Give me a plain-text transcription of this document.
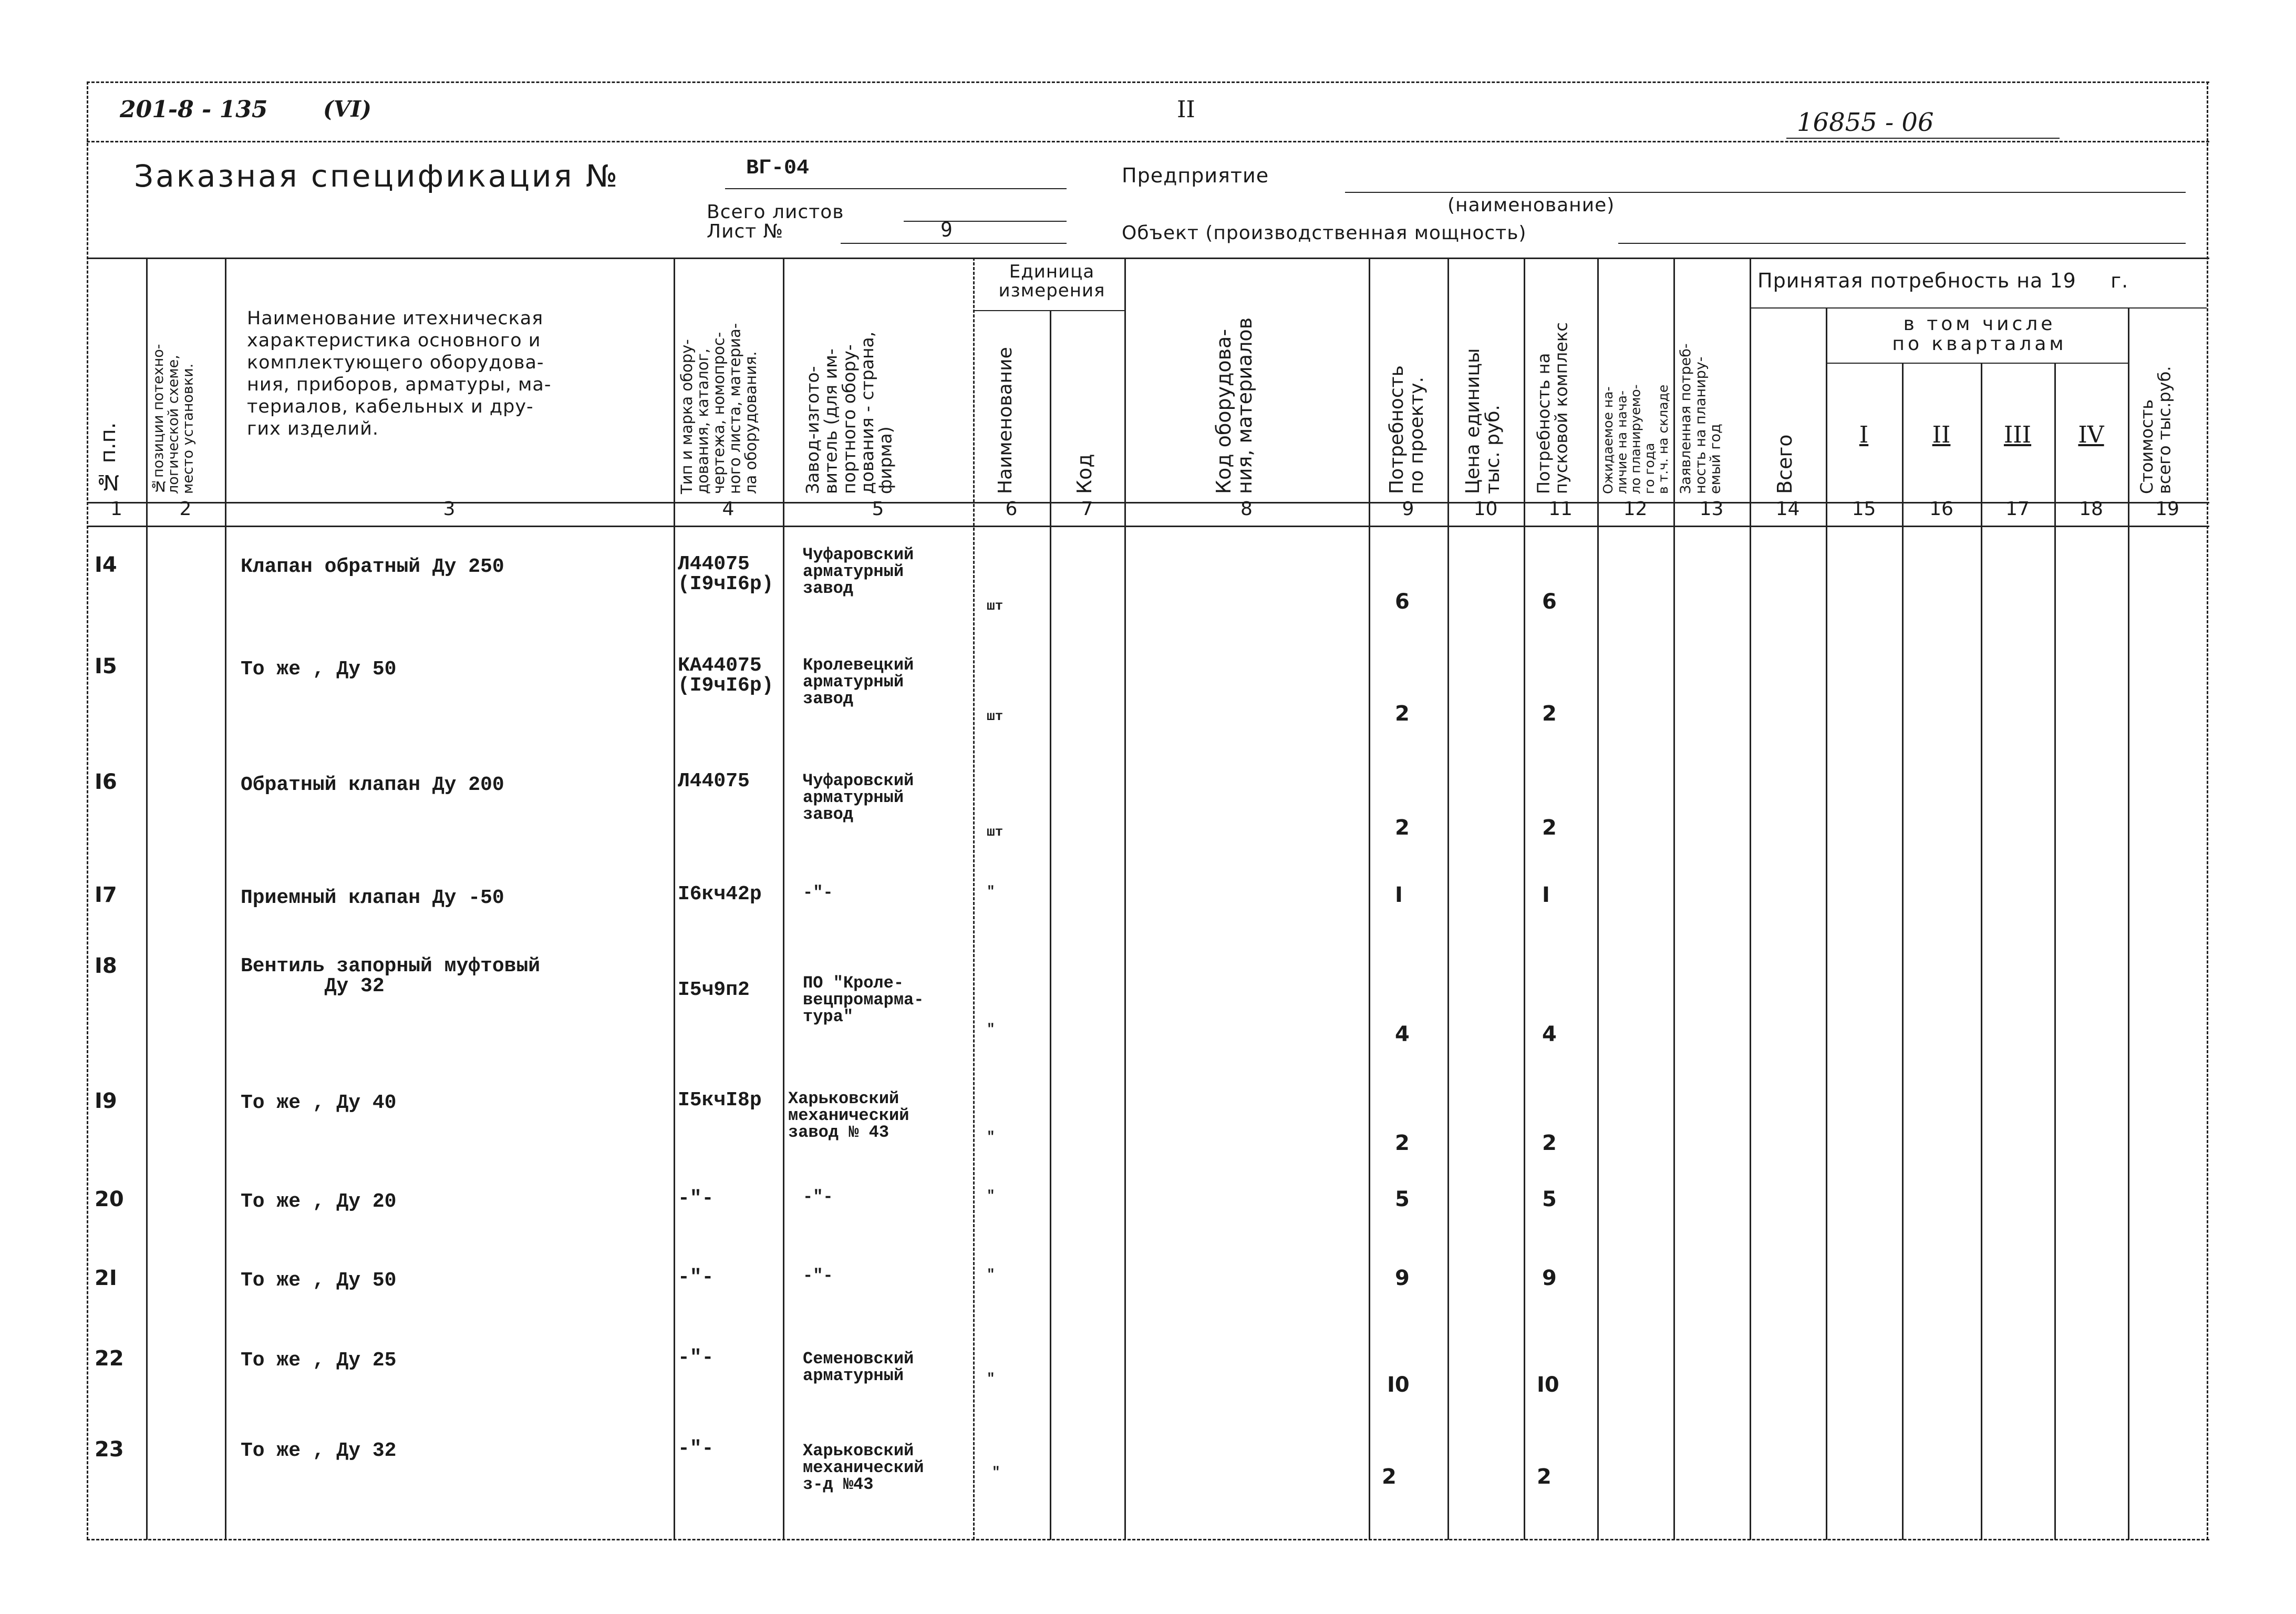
201-8 - 135	(VI)	II	16855 - 06
Заказная спецификация №	ВГ-04
Всего листов
Лист №	9
Предприятие
(наименование)
Объект (производственная мощность)
№ п.п. №позиции потехно-
логической схеме,
место установки.
Наименование итехническая
характеристика основного и
комплектующего оборудова-
ния, приборов, арматуры, ма-
териалов, кабельных и дру-
гих изделий.
Тип и марка обору-
дования, каталог,
чертежа, номопрос-
ного листа, материа-
ла оборудования. Завод-изгото-
витель (для им-
портного обору-
дования - страна,
фирма)
Единица
измерения
Наименование	Код	Код оборудова-
ния, материалов	Потребность
по проекту.
Цена единицы
тыс. руб. Потребность на
пусковой комплекс
Ожидаемое на-
личие на нача-
ло планируемо-
го года
в т.ч. на складе Заявленная потреб-
ность на планиру-
емый год
Принятая потребность на 19     г.
Всего
в том числе
по кварталам
I	II	III	IV	Стоимость
всего тыс.руб.
1	2	3	4	5	6	7	8	9	10	11	12	13	14	15	16	17	18	19
I4	Клапан обратный Ду 250	Л44075
(I9чI6р)
Чуфаровский
арматурный
завод
шт	6	6
I5	То же , Ду 50	КА44075
(I9чI6р)
Кролевецкий
арматурный
завод
шт	2	2
I6	Обратный клапан Ду 200	Л44075	Чуфаровский
арматурный
завод
шт	2	2
I7	Приемный клапан Ду -50	I6кч42р -"-	"	I	I
I8	Вентиль запорный муфтовый
Ду 32	I5ч9п2	ПО "Кроле-
вецпромарма-
тура"
"	4	4
I9	То же , Ду 40	I5кчI8р Харьковский
механический
завод № 43	"	2	2
20	То же , Ду 20	-"-	-"-	"	5	5
2I	То же , Ду 50	-"-	-"-	"	9	9
22	То же , Ду 25	-"-	Семеновский
арматурный	"	I0	I0
23	То же , Ду 32	-"-	Харьковский
механический
з-д №43
"	2	2
